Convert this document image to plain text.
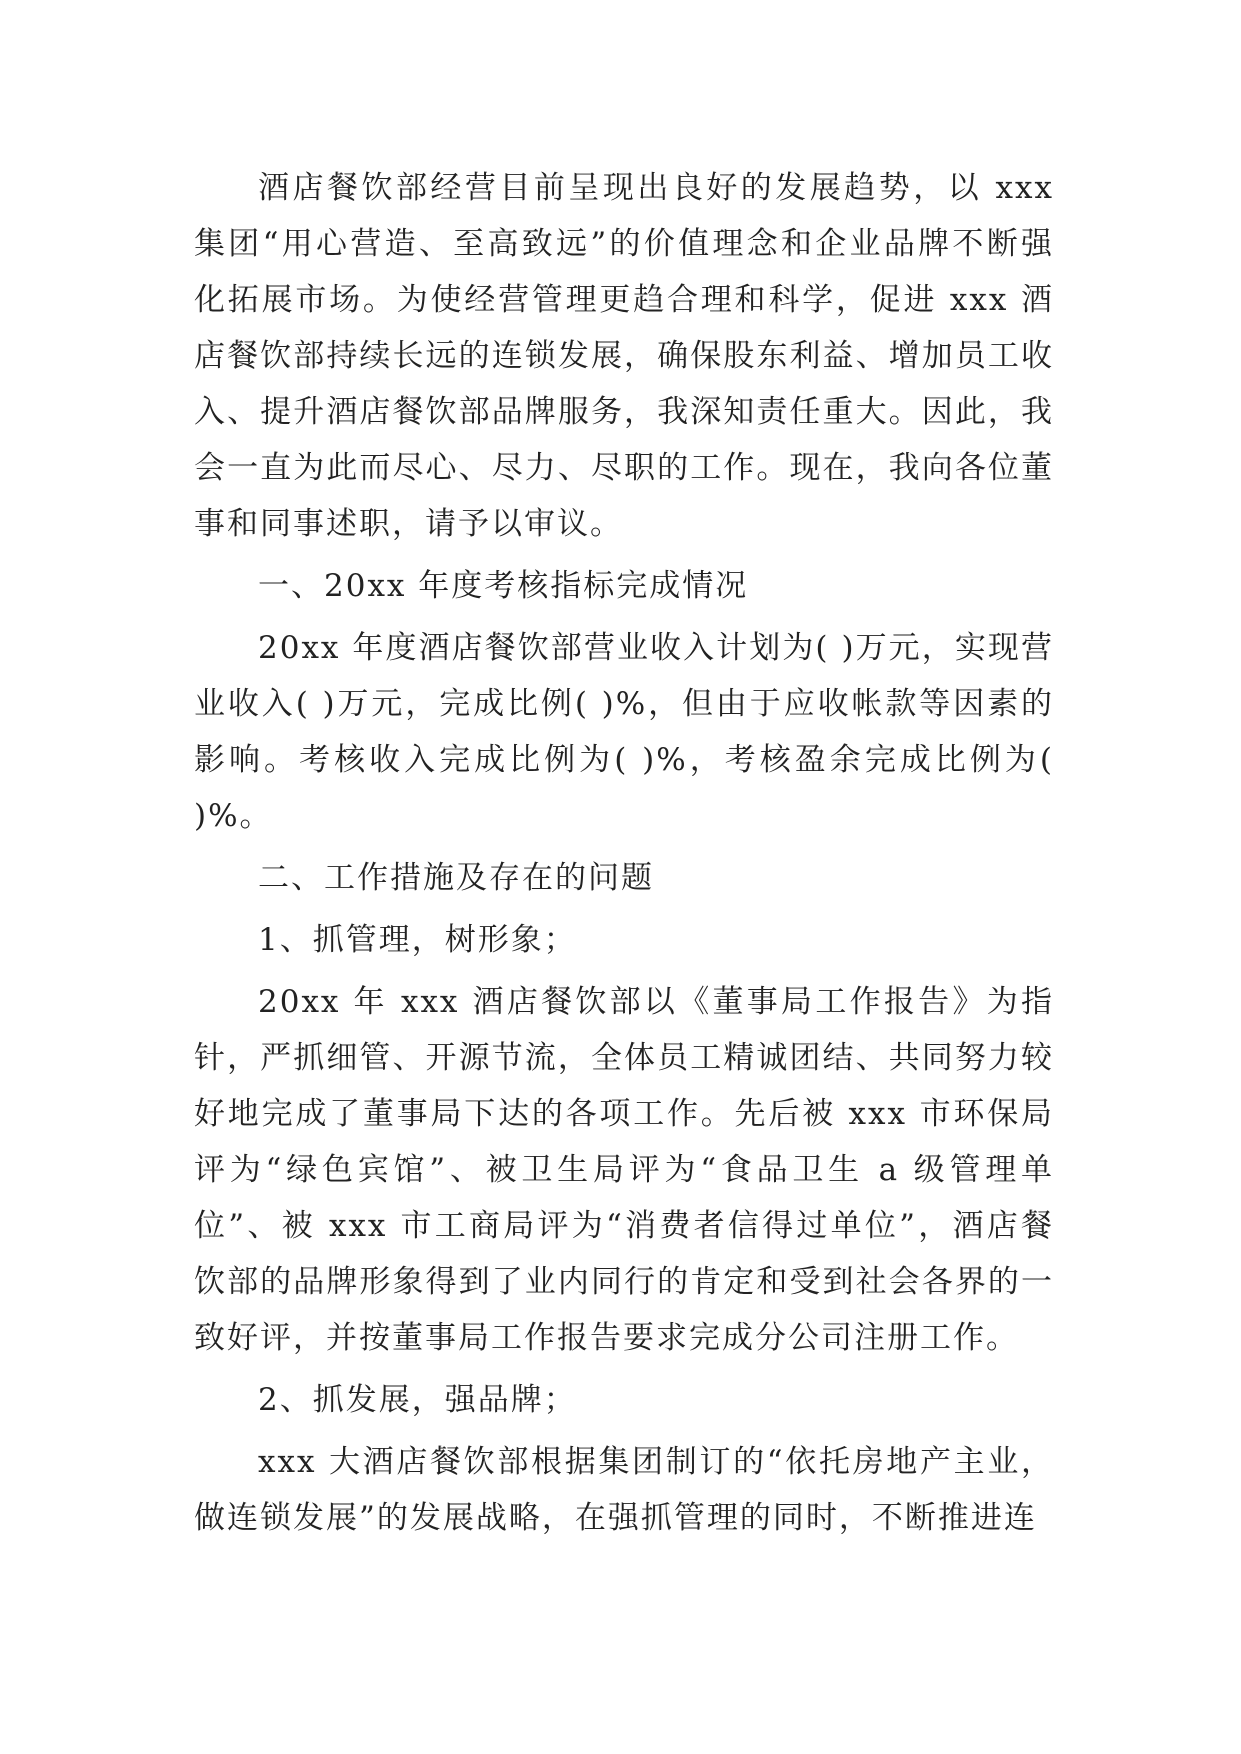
酒店餐饮部经营目前呈现出良好的发展趋势，以 xxx 集团“用心营造、至高致远”的价值理念和企业品牌不断强化拓展市场。为使经营管理更趋合理和科学，促进 xxx 酒店餐饮部持续长远的连锁发展，确保股东利益、增加员工收入、提升酒店餐饮部品牌服务，我深知责任重大。因此，我会一直为此而尽心、尽力、尽职的工作。现在，我向各位董事和同事述职，请予以审议。

一、20xx 年度考核指标完成情况

20xx 年度酒店餐饮部营业收入计划为( )万元，实现营业收入( )万元，完成比例( )%，但由于应收帐款等因素的影响。考核收入完成比例为( )%，考核盈余完成比例为( )%。

二、工作措施及存在的问题

1、抓管理，树形象；

20xx 年 xxx 酒店餐饮部以《董事局工作报告》为指针，严抓细管、开源节流，全体员工精诚团结、共同努力较好地完成了董事局下达的各项工作。先后被 xxx 市环保局评为“绿色宾馆”、被卫生局评为“食品卫生 a 级管理单位”、被 xxx 市工商局评为“消费者信得过单位”，酒店餐饮部的品牌形象得到了业内同行的肯定和受到社会各界的一致好评，并按董事局工作报告要求完成分公司注册工作。

2、抓发展，强品牌；

xxx 大酒店餐饮部根据集团制订的“依托房地产主业，做连锁发展”的发展战略，在强抓管理的同时，不断推进连
